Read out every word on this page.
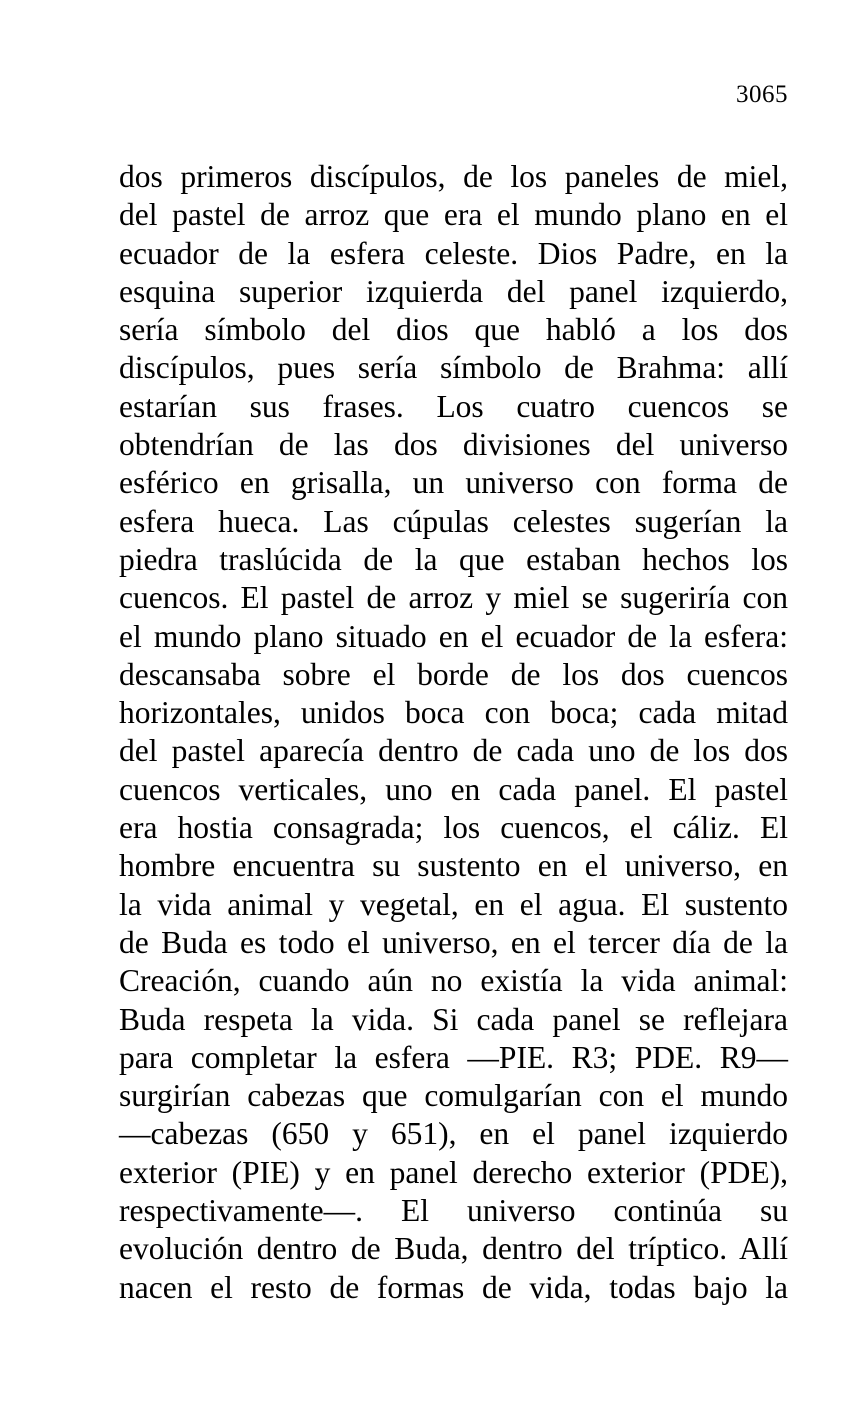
3065
dos primeros discípulos, de los paneles de miel,
del pastel de arroz que era el mundo plano en el
ecuador de la esfera celeste. Dios Padre, en la
esquina superior izquierda del panel izquierdo,
sería símbolo del dios que habló a los dos
discípulos, pues sería símbolo de Brahma: allí
estarían sus frases. Los cuatro cuencos se
obtendrían de las dos divisiones del universo
esférico en grisalla, un universo con forma de
esfera hueca. Las cúpulas celestes sugerían la
piedra traslúcida de la que estaban hechos los
cuencos. El pastel de arroz y miel se sugeriría con
el mundo plano situado en el ecuador de la esfera:
descansaba sobre el borde de los dos cuencos
horizontales, unidos boca con boca; cada mitad
del pastel aparecía dentro de cada uno de los dos
cuencos verticales, uno en cada panel. El pastel
era hostia consagrada; los cuencos, el cáliz. El
hombre encuentra su sustento en el universo, en
la vida animal y vegetal, en el agua. El sustento
de Buda es todo el universo, en el tercer día de la
Creación, cuando aún no existía la vida animal:
Buda respeta la vida. Si cada panel se reflejara
para completar la esfera —PIE. R3; PDE. R9—
surgirían cabezas que comulgarían con el mundo
—cabezas (650 y 651), en el panel izquierdo
exterior (PIE) y en panel derecho exterior (PDE),
respectivamente—. El universo continúa su
evolución dentro de Buda, dentro del tríptico. Allí
nacen el resto de formas de vida, todas bajo la
